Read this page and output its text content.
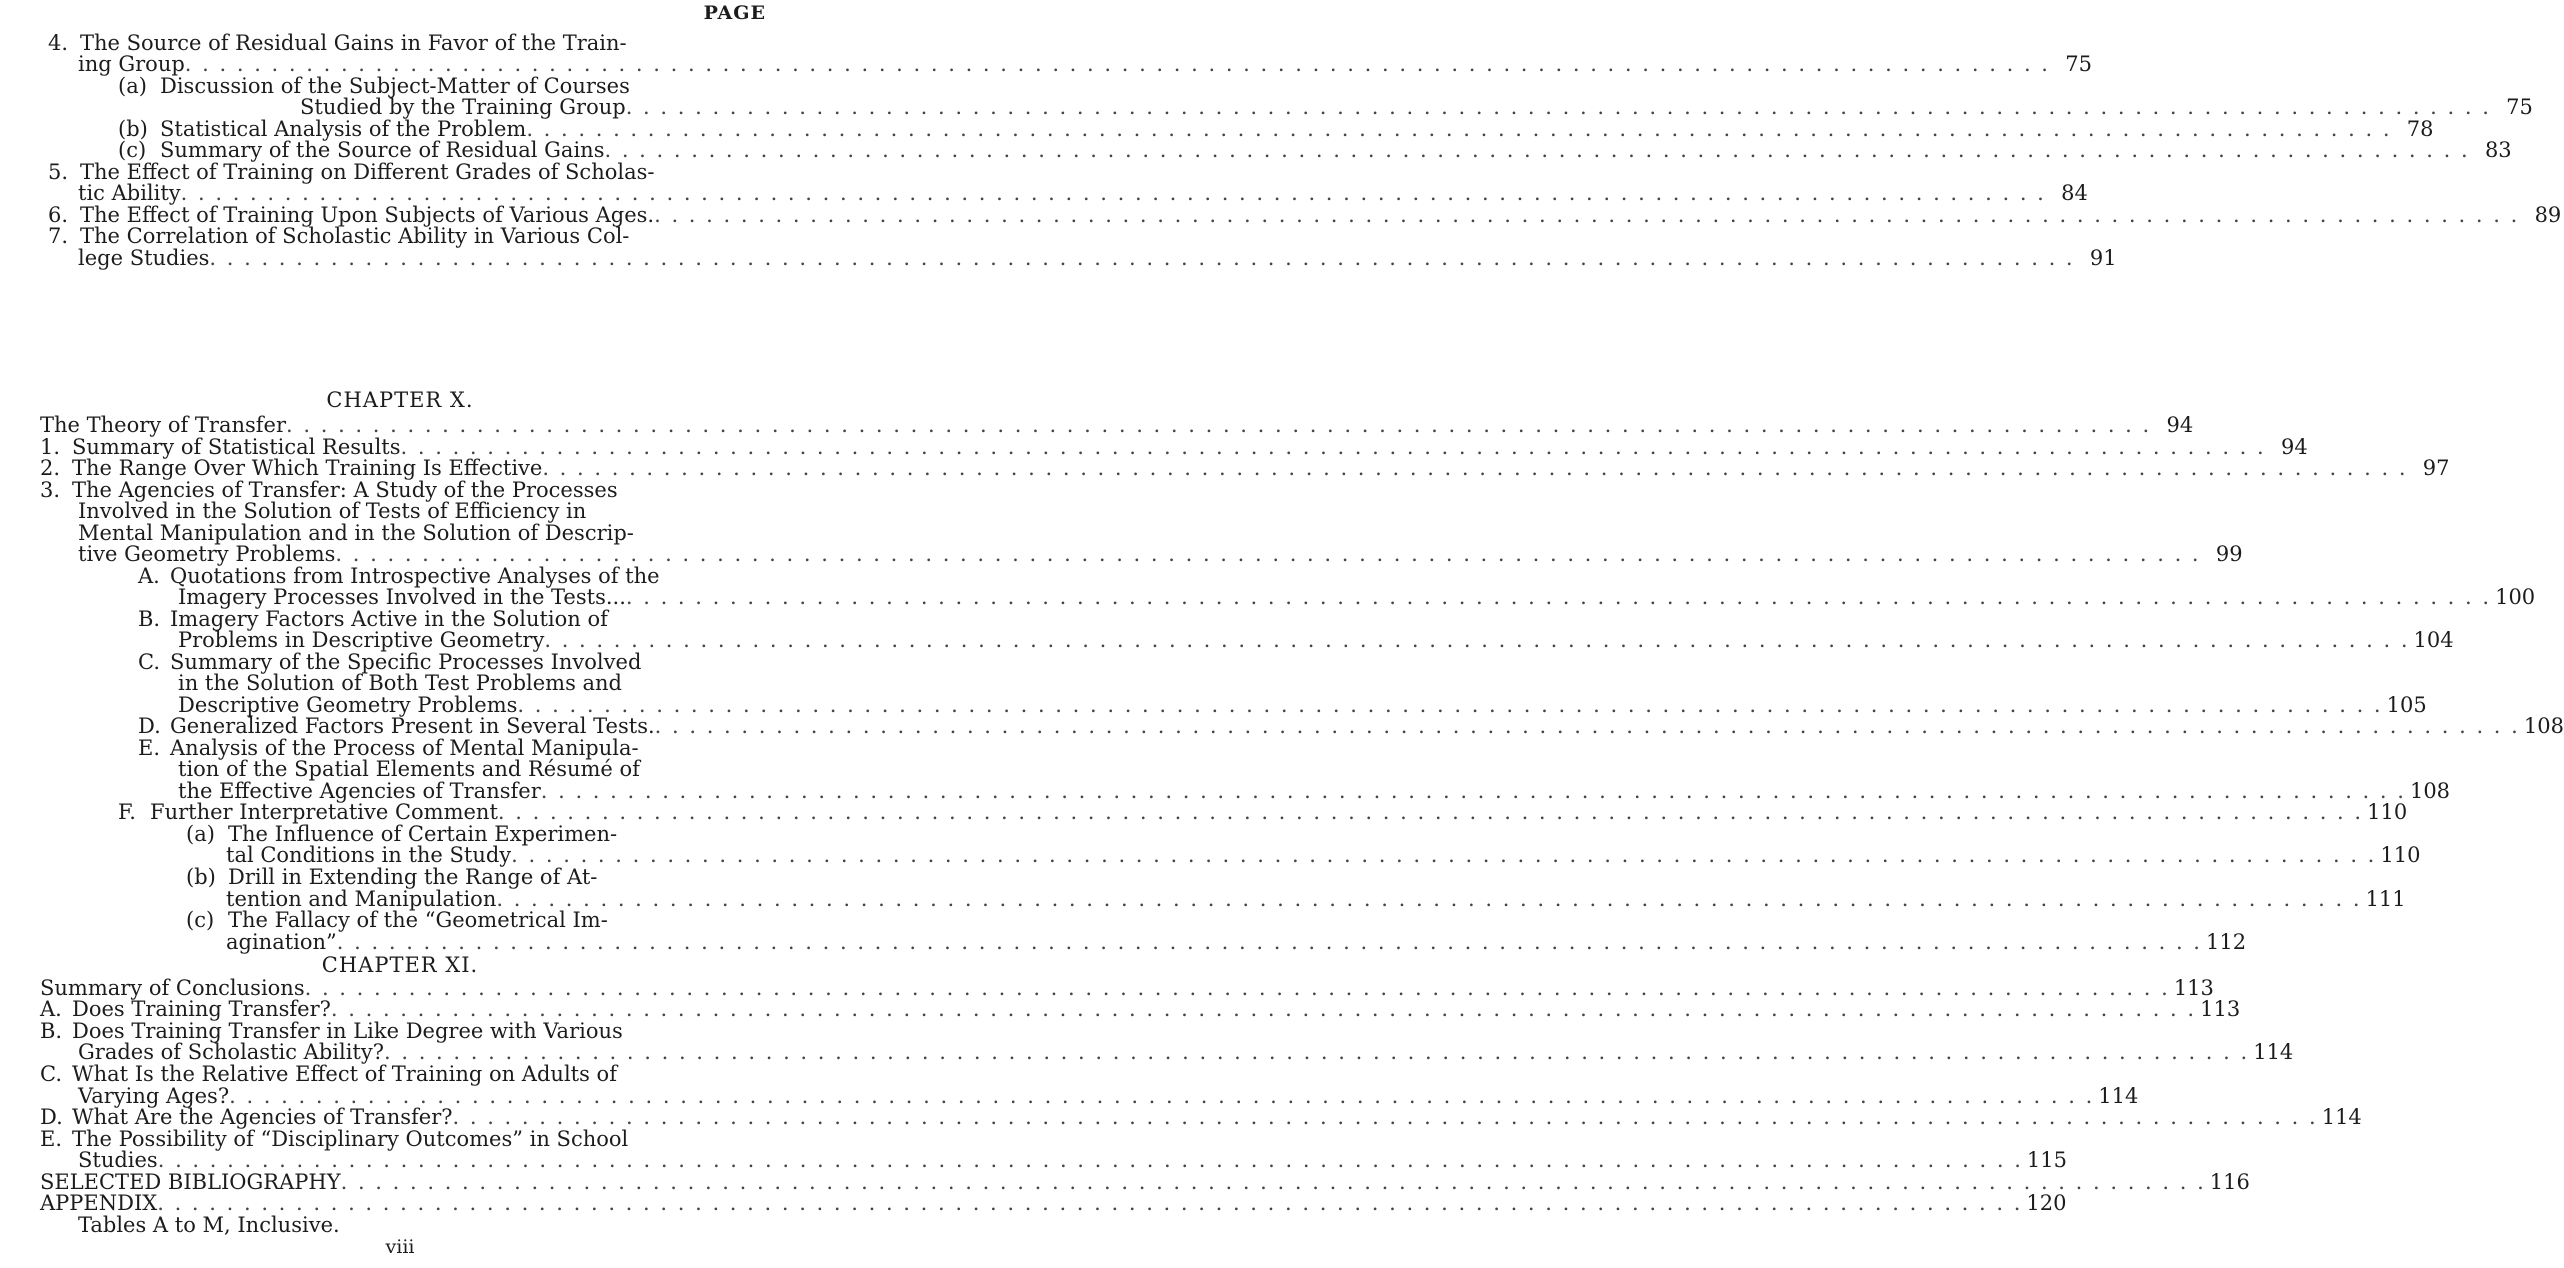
PAGE
4. The Source of Residual Gains in Favor of the Train-
ing Group . . .	75
(a) Discussion of the Subject-Matter of Courses
Studied by the Training Group . . .	75
(b) Statistical Analysis of the Problem . . .	78
(c) Summary of the Source of Residual Gains . . .	83
5. The Effect of Training on Different Grades of Scholas-
tic Ability . . .	84
6. The Effect of Training Upon Subjects of Various Ages. . . .	89
7. The Correlation of Scholastic Ability in Various Col-
lege Studies . . .	91
The Theory of Transfer . . .	94
1. Summary of Statistical Results . . .	94
2. The Range Over Which Training Is Effective . . .	97
3. The Agencies of Transfer: A Study of the Processes
Involved in the Solution of Tests of Efficiency in
Mental Manipulation and in the Solution of Descrip-
tive Geometry Problems . . .	99
A. Quotations from Introspective Analyses of the
Imagery Processes Involved in the Tests... . . .	100
B. Imagery Factors Active in the Solution of
Problems in Descriptive Geometry . . .	104
C. Summary of the Specific Processes Involved
in the Solution of Both Test Problems and
Descriptive Geometry Problems . . .	105
D. Generalized Factors Present in Several Tests. . . .	108
E. Analysis of the Process of Mental Manipula-
tion of the Spatial Elements and Résumé of
the Effective Agencies of Transfer . . .	108
F. Further Interpretative Comment . . .	110
(a) The Influence of Certain Experimen-
tal Conditions in the Study . . .	110
(b) Drill in Extending the Range of At-
tention and Manipulation . . .	111
(c) The Fallacy of the “Geometrical Im-
agination” . . .	112
Summary of Conclusions . . .	113
A. Does Training Transfer? . . .	113
B. Does Training Transfer in Like Degree with Various
Grades of Scholastic Ability? . . .	114
C. What Is the Relative Effect of Training on Adults of
Varying Ages? . . .	114
D. What Are the Agencies of Transfer? . . .	114
E. The Possibility of “Disciplinary Outcomes” in School
Studies . . .	115
SELECTED BIBLIOGRAPHY . . .	116
APPENDIX . . .	120
Tables A to M, Inclusive.
CHAPTER X.
CHAPTER XI.
viii
